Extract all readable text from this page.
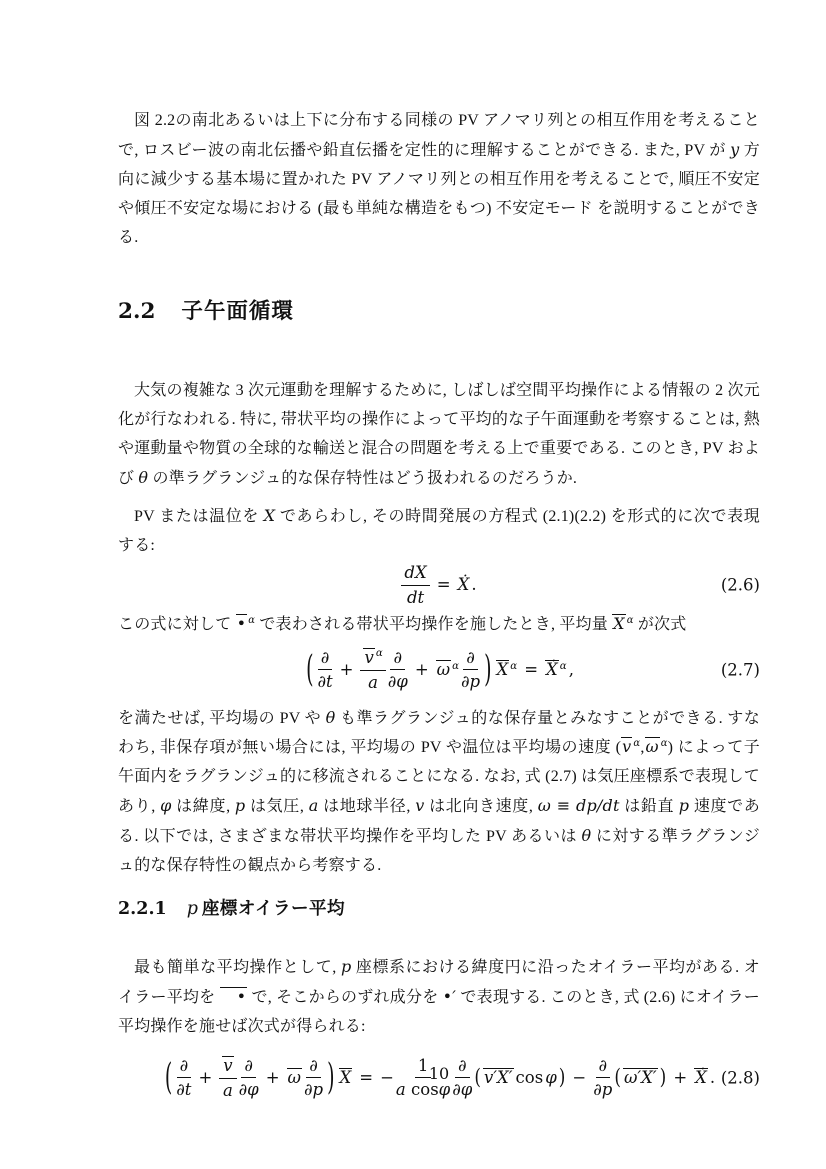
図 2.2の南北あるいは上下に分布する同様の PV アノマリ列との相互作用を考えることで, ロスビー波の南北伝播や鉛直伝播を定性的に理解することができる. また, PV が y 方向に減少する基本場に置かれた PV アノマリ列との相互作用を考えることで, 順圧不安定や傾圧不安定な場における (最も単純な構造をもつ) 不安定モード を説明することができる.

2.2 子午面循環

大気の複雑な 3 次元運動を理解するために, しばしば空間平均操作による情報の 2 次元化が行なわれる. 特に, 帯状平均の操作によって平均的な子午面運動を考察することは, 熱や運動量や物質の全球的な輸送と混合の問題を考える上で重要である. このとき, PV および θ の準ラグランジュ的な保存特性はどう扱われるのだろうか.

PV または温位を X であらわし, その時間発展の方程式 (2.1)(2.2) を形式的に次で表現する:

$\frac{dX}{dt}$ = Ẋ .	(2.6)

この式に対して • $^\alpha$ で表わされる帯状平均操作を施したとき, 平均量 X $^\alpha$ が次式

( $\frac{\partial}{\partial t} + \frac{v ^\alpha}{a} \frac{\partial}{\partial\varphi} + \omega$ $^\alpha \frac{\partial}{\partial p}$ ) X $^\alpha$ = Ẋ $^\alpha$ ,	(2.7)

を満たせば, 平均場の PV や θ も準ラグランジュ的な保存量とみなすことができる. すなわち, 非保存項が無い場合には, 平均場の PV や温位は平均場の速度 (v $^\alpha$,ω $^\alpha$) によって子午面内をラグランジュ的に移流されることになる. なお, 式 (2.7) は気圧座標系で表現してあり, φ は緯度, p は気圧, a は地球半径, v は北向き速度, ω ≡ dp/dt は鉛直 p 速度である. 以下では, さまざまな帯状平均操作を平均した PV あるいは θ に対する準ラグランジュ的な保存特性の観点から考察する.

2.2.1 p 座標オイラー平均

最も簡単な平均操作として, p 座標系における緯度円に沿ったオイラー平均がある. オイラー平均を • で, そこからのずれ成分を •′ で表現する. このとき, 式 (2.6) にオイラー平均操作を施せば次式が得られる:

( $\frac{\partial}{\partial t} + \frac{v}{a} \frac{\partial}{\partial\varphi} + \omega \frac{\partial}{\partial p}$ ) X = − $\frac{1}{\text{a cosφ}} \frac{\partial}{\partial\varphi}$ ( v′X′ cos φ ) − $\frac{\partial}{\partial p}$ ( ω′X′ ) + Ẋ . (2.8)
10
